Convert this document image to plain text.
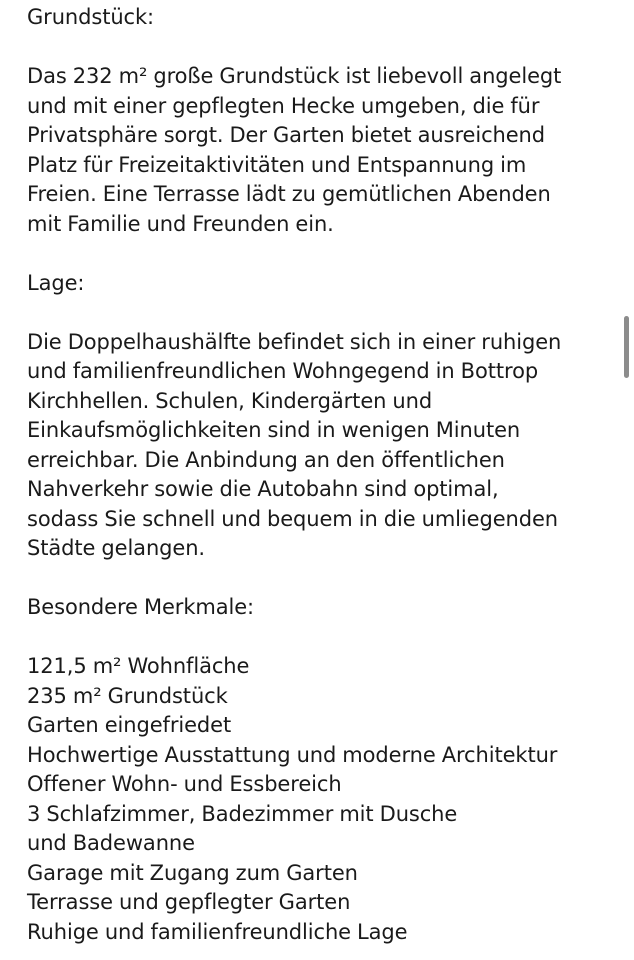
Grundstück:
Das 232 m² große Grundstück ist liebevoll angelegt
und mit einer gepflegten Hecke umgeben, die für
Privatsphäre sorgt. Der Garten bietet ausreichend
Platz für Freizeitaktivitäten und Entspannung im
Freien. Eine Terrasse lädt zu gemütlichen Abenden
mit Familie und Freunden ein.
Lage:
Die Doppelhaushälfte befindet sich in einer ruhigen
und familienfreundlichen Wohngegend in Bottrop
Kirchhellen. Schulen, Kindergärten und
Einkaufsmöglichkeiten sind in wenigen Minuten
erreichbar. Die Anbindung an den öffentlichen
Nahverkehr sowie die Autobahn sind optimal,
sodass Sie schnell und bequem in die umliegenden
Städte gelangen.
Besondere Merkmale:
121,5 m² Wohnfläche
235 m² Grundstück
Garten eingefriedet
Hochwertige Ausstattung und moderne Architektur
Offener Wohn- und Essbereich
3 Schlafzimmer, Badezimmer mit Dusche
und Badewanne
Garage mit Zugang zum Garten
Terrasse und gepflegter Garten
Ruhige und familienfreundliche Lage
